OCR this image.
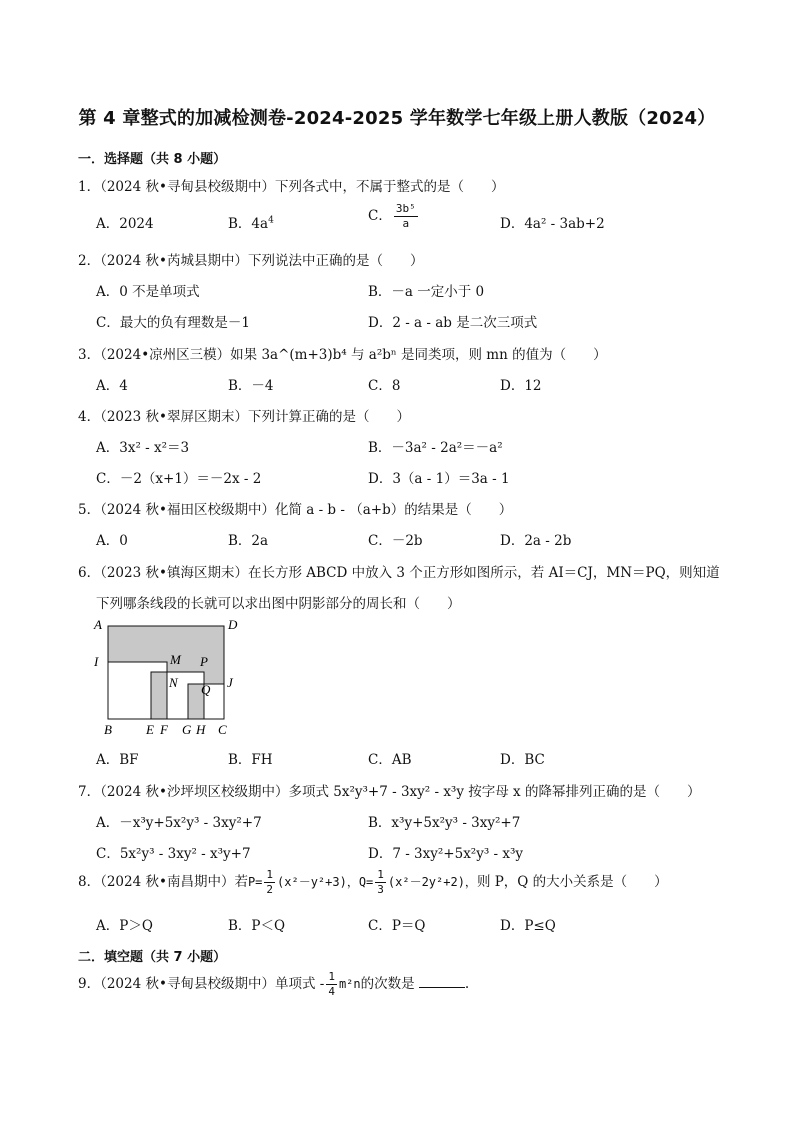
第 4 章整式的加减检测卷-2024-2025 学年数学七年级上册人教版（2024）
一．选择题（共 8 小题）
1．（2024 秋•寻甸县校级期中）下列各式中，不属于整式的是（　　）
A．2024	B．$4a^4$	C． $\frac{\text{3b⁵}}{a}$	D．4a² - 3ab+2
2．（2024 秋•芮城县期中）下列说法中正确的是（　　）
A．0 不是单项式	B．－a 一定小于 0
C．最大的负有理数是－1	D．2 - a - ab 是二次三项式
3．（2024•凉州区三模）如果 3a^(m+3)b⁴ 与 a²bⁿ 是同类项，则 mn 的值为（　　）
A．4	B．－4	C．8	D．12
4．（2023 秋•翠屏区期末）下列计算正确的是（　　）
A．3x² - x²＝3	B．－3a² - 2a²＝－a²
C．－2（x+1）＝－2x - 2	D．3（a - 1）＝3a - 1
5．（2024 秋•福田区校级期中）化简 a - b - （a+b）的结果是（　　）
A．0	B．2a	C．－2b	D．2a - 2b
6．（2023 秋•镇海区期末）在长方形 ABCD 中放入 3 个正方形如图所示，若 AI＝CJ，MN＝PQ，则知道
下列哪条线段的长就可以求出图中阴影部分的周长和（　　）
A	D
I	M P
N Q J
B	E F G H C
A．BF	B．FH	C．AB	D．BC
7．（2024 秋•沙坪坝区校级期中）多项式 5x²y³+7 - 3xy² - x³y 按字母 x 的降幂排列正确的是（　　）
A．－x³y+5x²y³ - 3xy²+7	B．x³y+5x²y³ - 3xy²+7
C．5x²y³ - 3xy² - x³y+7	D．7 - 3xy²+5x²y³ - x³y
8．（2024 秋•南昌期中）若$P= \frac{1}{2} (x^2-y^2+3)$，$Q= \frac{1}{3} (x^2-2y^2+2)$，则 P，Q 的大小关系是（　　）
A．P＞Q	B．P＜Q	C．P＝Q	D．P≤Q
二．填空题（共 7 小题）
9．（2024 秋•寻甸县校级期中）单项式 - $\frac{1}{4} m^2n$的次数是	.
